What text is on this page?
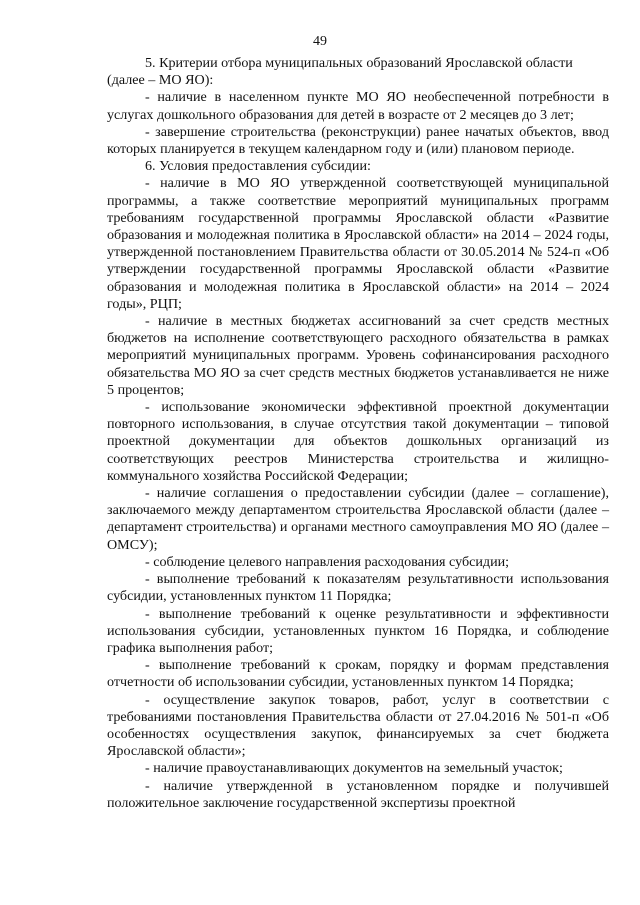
49

5. Критерии отбора муниципальных образований Ярославской области (далее – МО ЯО):

- наличие в населенном пункте МО ЯО необеспеченной потребности в услугах дошкольного образования для детей в возрасте от 2 месяцев до 3 лет;

- завершение строительства (реконструкции) ранее начатых объектов, ввод которых планируется в текущем календарном году и (или) плановом периоде.

6. Условия предоставления субсидии:

- наличие в МО ЯО утвержденной соответствующей муниципальной программы, а также соответствие мероприятий муниципальных программ требованиям государственной программы Ярославской области «Развитие образования и молодежная политика в Ярославской области» на 2014 – 2024 годы, утвержденной постановлением Правительства области от 30.05.2014 № 524-п «Об утверждении государственной программы Ярославской области «Развитие образования и молодежная политика в Ярославской области» на 2014 – 2024 годы», РЦП;

- наличие в местных бюджетах ассигнований за счет средств местных бюджетов на исполнение соответствующего расходного обязательства в рамках мероприятий муниципальных программ. Уровень софинансирования расходного обязательства МО ЯО за счет средств местных бюджетов устанавливается не ниже 5 процентов;

- использование экономически эффективной проектной документации повторного использования, в случае отсутствия такой документации – типовой проектной документации для объектов дошкольных организаций из соответствующих реестров Министерства строительства и жилищно-коммунального хозяйства Российской Федерации;

- наличие соглашения о предоставлении субсидии (далее – соглашение), заключаемого между департаментом строительства Ярославской области (далее – департамент строительства) и органами местного самоуправления МО ЯО (далее – ОМСУ);

- соблюдение целевого направления расходования субсидии;

- выполнение требований к показателям результативности использования субсидии, установленных пунктом 11 Порядка;

- выполнение требований к оценке результативности и эффективности использования субсидии, установленных пунктом 16 Порядка, и соблюдение графика выполнения работ;

- выполнение требований к срокам, порядку и формам представления отчетности об использовании субсидии, установленных пунктом 14 Порядка;

- осуществление закупок товаров, работ, услуг в соответствии с требованиями постановления Правительства области от 27.04.2016 № 501-п «Об особенностях осуществления закупок, финансируемых за счет бюджета Ярославской области»;

- наличие правоустанавливающих документов на земельный участок;

- наличие утвержденной в установленном порядке и получившей положительное заключение государственной экспертизы проектной
